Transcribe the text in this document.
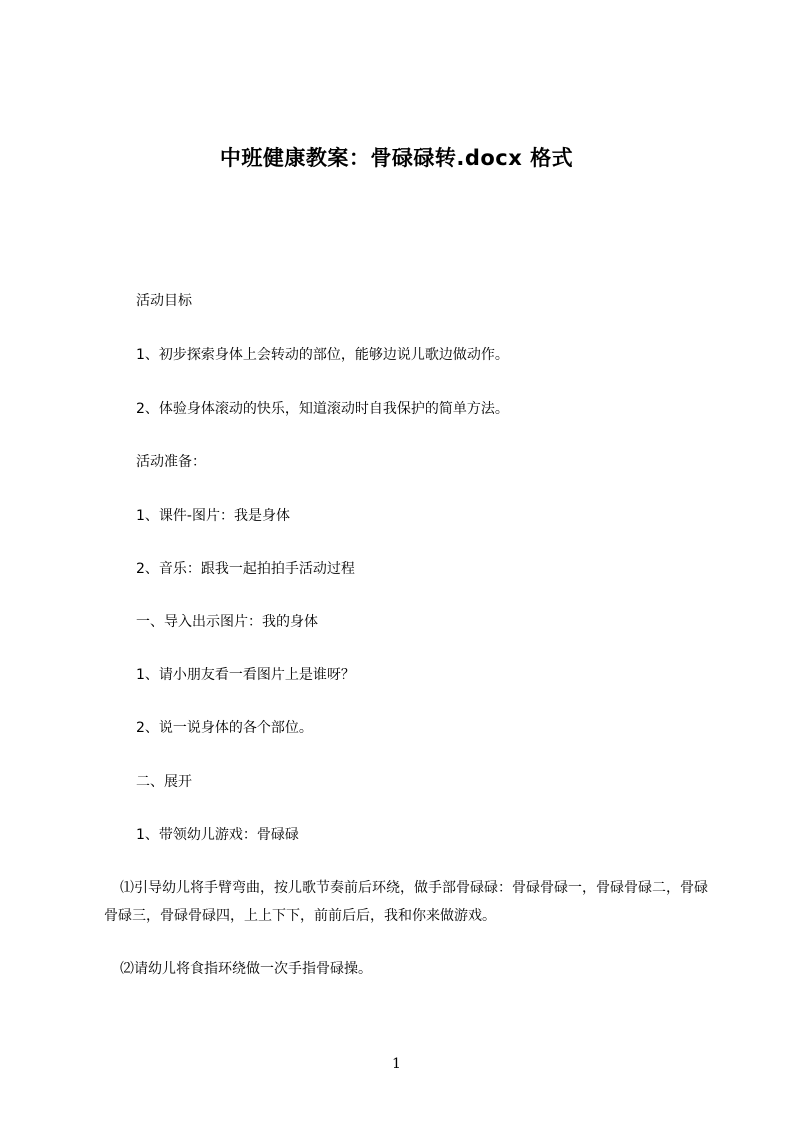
中班健康教案：骨碌碌转.docx 格式
活动目标
1、初步探索身体上会转动的部位，能够边说儿歌边做动作。
2、体验身体滚动的快乐，知道滚动时自我保护的简单方法。
活动准备：
1、课件-图片：我是身体
2、音乐：跟我一起拍拍手活动过程
一、导入出示图片：我的身体
1、请小朋友看一看图片上是谁呀？
2、说一说身体的各个部位。
二、展开
1、带领幼儿游戏：骨碌碌
⑴引导幼儿将手臂弯曲，按儿歌节奏前后环绕，做手部骨碌碌：骨碌骨碌一，骨碌骨碌二，骨碌骨碌三，骨碌骨碌四，上上下下，前前后后，我和你来做游戏。
⑵请幼儿将食指环绕做一次手指骨碌操。
1
